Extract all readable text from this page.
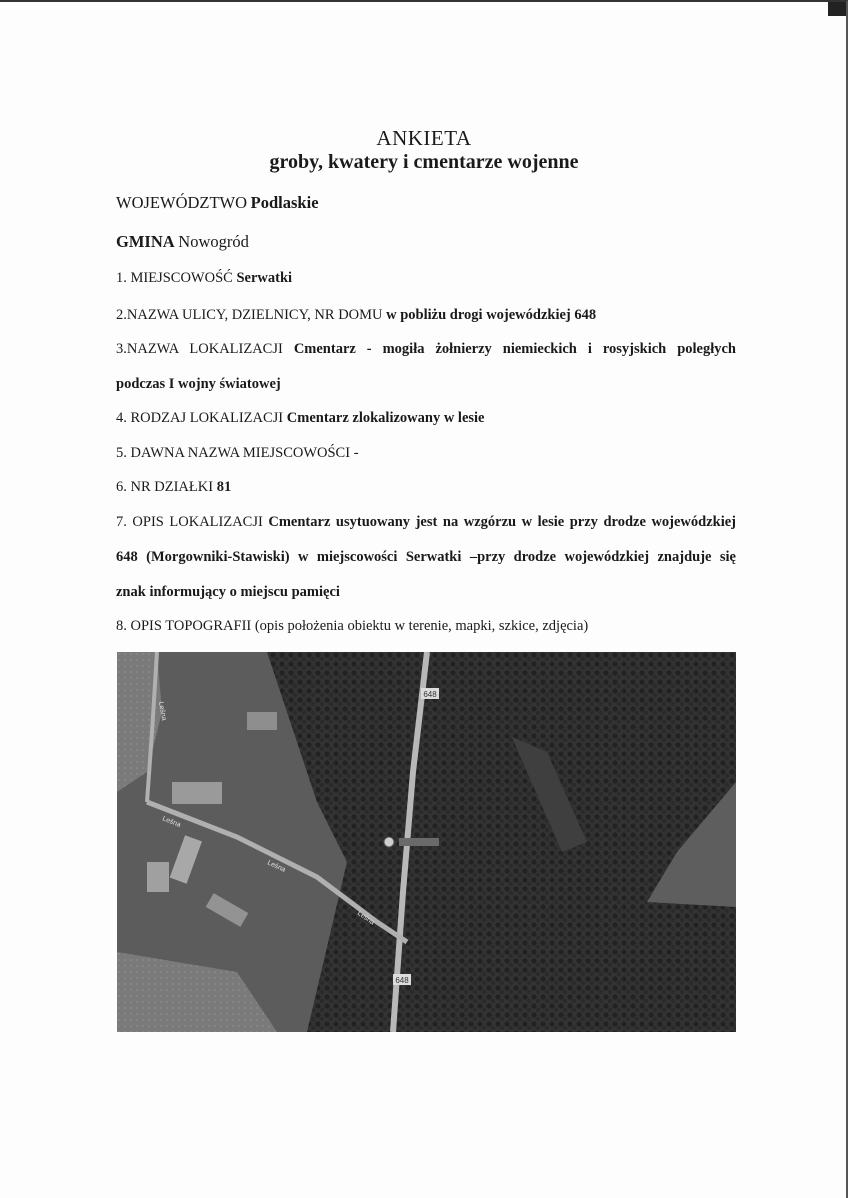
ANKIETA
groby, kwatery i cmentarze wojenne
WOJEWÓDZTWO Podlaskie
GMINA Nowogród
1. MIEJSCOWOŚĆ Serwatki
2.NAZWA ULICY, DZIELNICY, NR DOMU w pobliżu drogi wojewódzkiej 648
3.NAZWA LOKALIZACJI Cmentarz - mogiła żołnierzy niemieckich i rosyjskich poległych
podczas I wojny światowej
4. RODZAJ LOKALIZACJI Cmentarz zlokalizowany w lesie
5. DAWNA NAZWA MIEJSCOWOŚCI -
6. NR DZIAŁKI 81
7. OPIS LOKALIZACJI Cmentarz usytuowany jest na wzgórzu w lesie przy drodze wojewódzkiej
648 (Morgowniki-Stawiski) w miejscowości Serwatki –przy drodze wojewódzkiej znajduje się
znak informujący o miejscu pamięci
8. OPIS TOPOGRAFII (opis położenia obiektu w terenie, mapki, szkice, zdjęcia)
648
648
Leśna
Leśna
Leśna
Leśna
